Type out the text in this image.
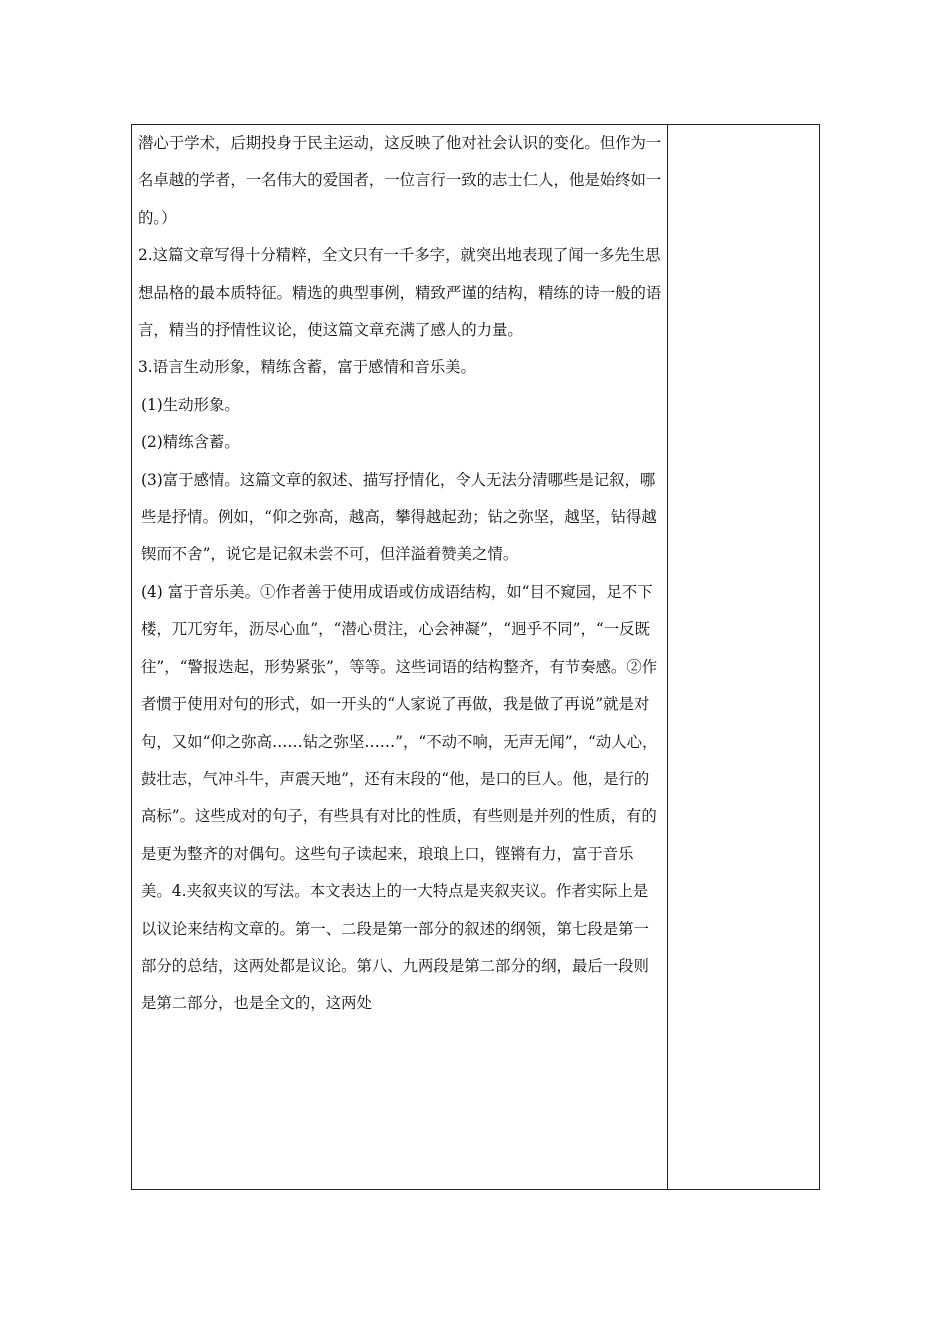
潜心于学术，后期投身于民主运动，这反映了他对社会认识的变化。但作为一名卓越的学者，一名伟大的爱国者，一位言行一致的志士仁人，他是始终如一的。）

2.这篇文章写得十分精粹，全文只有一千多字，就突出地表现了闻一多先生思想品格的最本质特征。精选的典型事例，精致严谨的结构，精练的诗一般的语言，精当的抒情性议论，使这篇文章充满了感人的力量。

3.语言生动形象，精练含蓄，富于感情和音乐美。

(1)生动形象。

(2)精练含蓄。

(3)富于感情。这篇文章的叙述、描写抒情化，令人无法分清哪些是记叙，哪些是抒情。例如，“仰之弥高，越高，攀得越起劲；钻之弥坚，越坚，钻得越锲而不舍”，说它是记叙未尝不可，但洋溢着赞美之情。

(4) 富于音乐美。①作者善于使用成语或仿成语结构，如“目不窥园，足不下楼，兀兀穷年，沥尽心血”，“潜心贯注，心会神凝”，“迥乎不同”，“一反既往”，“警报迭起，形势紧张”，等等。这些词语的结构整齐，有节奏感。②作者惯于使用对句的形式，如一开头的“人家说了再做，我是做了再说”就是对句，又如“仰之弥高……钻之弥坚……”，“不动不响，无声无闻”，“动人心，鼓壮志，气冲斗牛，声震天地”，还有末段的“他，是口的巨人。他，是行的高标”。这些成对的句子，有些具有对比的性质，有些则是并列的性质，有的是更为整齐的对偶句。这些句子读起来，琅琅上口，铿锵有力，富于音乐美。4.夹叙夹议的写法。本文表达上的一大特点是夹叙夹议。作者实际上是以议论来结构文章的。第一、二段是第一部分的叙述的纲领，第七段是第一部分的总结，这两处都是议论。第八、九两段是第二部分的纲，最后一段则是第二部分，也是全文的，这两处
